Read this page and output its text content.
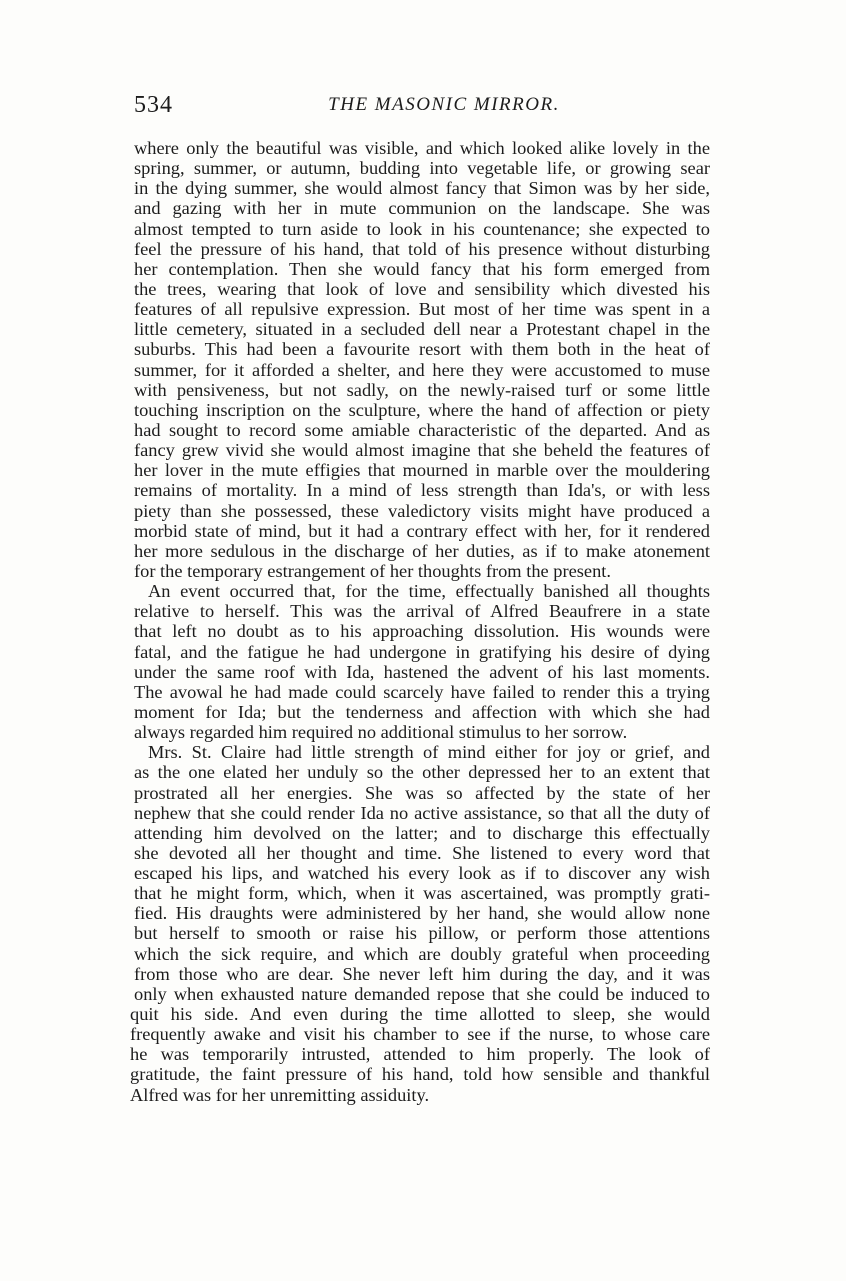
534	THE MASONIC MIRROR.
where only the beautiful was visible, and which looked alike lovely in the
spring, summer, or autumn, budding into vegetable life, or growing sear
in the dying summer, she would almost fancy that Simon was by her side,
and gazing with her in mute communion on the landscape. She was
almost tempted to turn aside to look in his countenance; she expected to
feel the pressure of his hand, that told of his presence without disturbing
her contemplation. Then she would fancy that his form emerged from
the trees, wearing that look of love and sensibility which divested his
features of all repulsive expression. But most of her time was spent in a
little cemetery, situated in a secluded dell near a Protestant chapel in the
suburbs. This had been a favourite resort with them both in the heat of
summer, for it afforded a shelter, and here they were accustomed to muse
with pensiveness, but not sadly, on the newly-raised turf or some little
touching inscription on the sculpture, where the hand of affection or piety
had sought to record some amiable characteristic of the departed. And as
fancy grew vivid she would almost imagine that she beheld the features of
her lover in the mute effigies that mourned in marble over the mouldering
remains of mortality. In a mind of less strength than Ida's, or with less
piety than she possessed, these valedictory visits might have produced a
morbid state of mind, but it had a contrary effect with her, for it rendered
her more sedulous in the discharge of her duties, as if to make atonement
for the temporary estrangement of her thoughts from the present.
An event occurred that, for the time, effectually banished all thoughts
relative to herself. This was the arrival of Alfred Beaufrere in a state
that left no doubt as to his approaching dissolution. His wounds were
fatal, and the fatigue he had undergone in gratifying his desire of dying
under the same roof with Ida, hastened the advent of his last moments.
The avowal he had made could scarcely have failed to render this a trying
moment for Ida; but the tenderness and affection with which she had
always regarded him required no additional stimulus to her sorrow.
Mrs. St. Claire had little strength of mind either for joy or grief, and
as the one elated her unduly so the other depressed her to an extent that
prostrated all her energies. She was so affected by the state of her
nephew that she could render Ida no active assistance, so that all the duty of
attending him devolved on the latter; and to discharge this effectually
she devoted all her thought and time. She listened to every word that
escaped his lips, and watched his every look as if to discover any wish
that he might form, which, when it was ascertained, was promptly grati-
fied. His draughts were administered by her hand, she would allow none
but herself to smooth or raise his pillow, or perform those attentions
which the sick require, and which are doubly grateful when proceeding
from those who are dear. She never left him during the day, and it was
only when exhausted nature demanded repose that she could be induced to
quit his side. And even during the time allotted to sleep, she would
frequently awake and visit his chamber to see if the nurse, to whose care
he was temporarily intrusted, attended to him properly. The look of
gratitude, the faint pressure of his hand, told how sensible and thankful
Alfred was for her unremitting assiduity.
